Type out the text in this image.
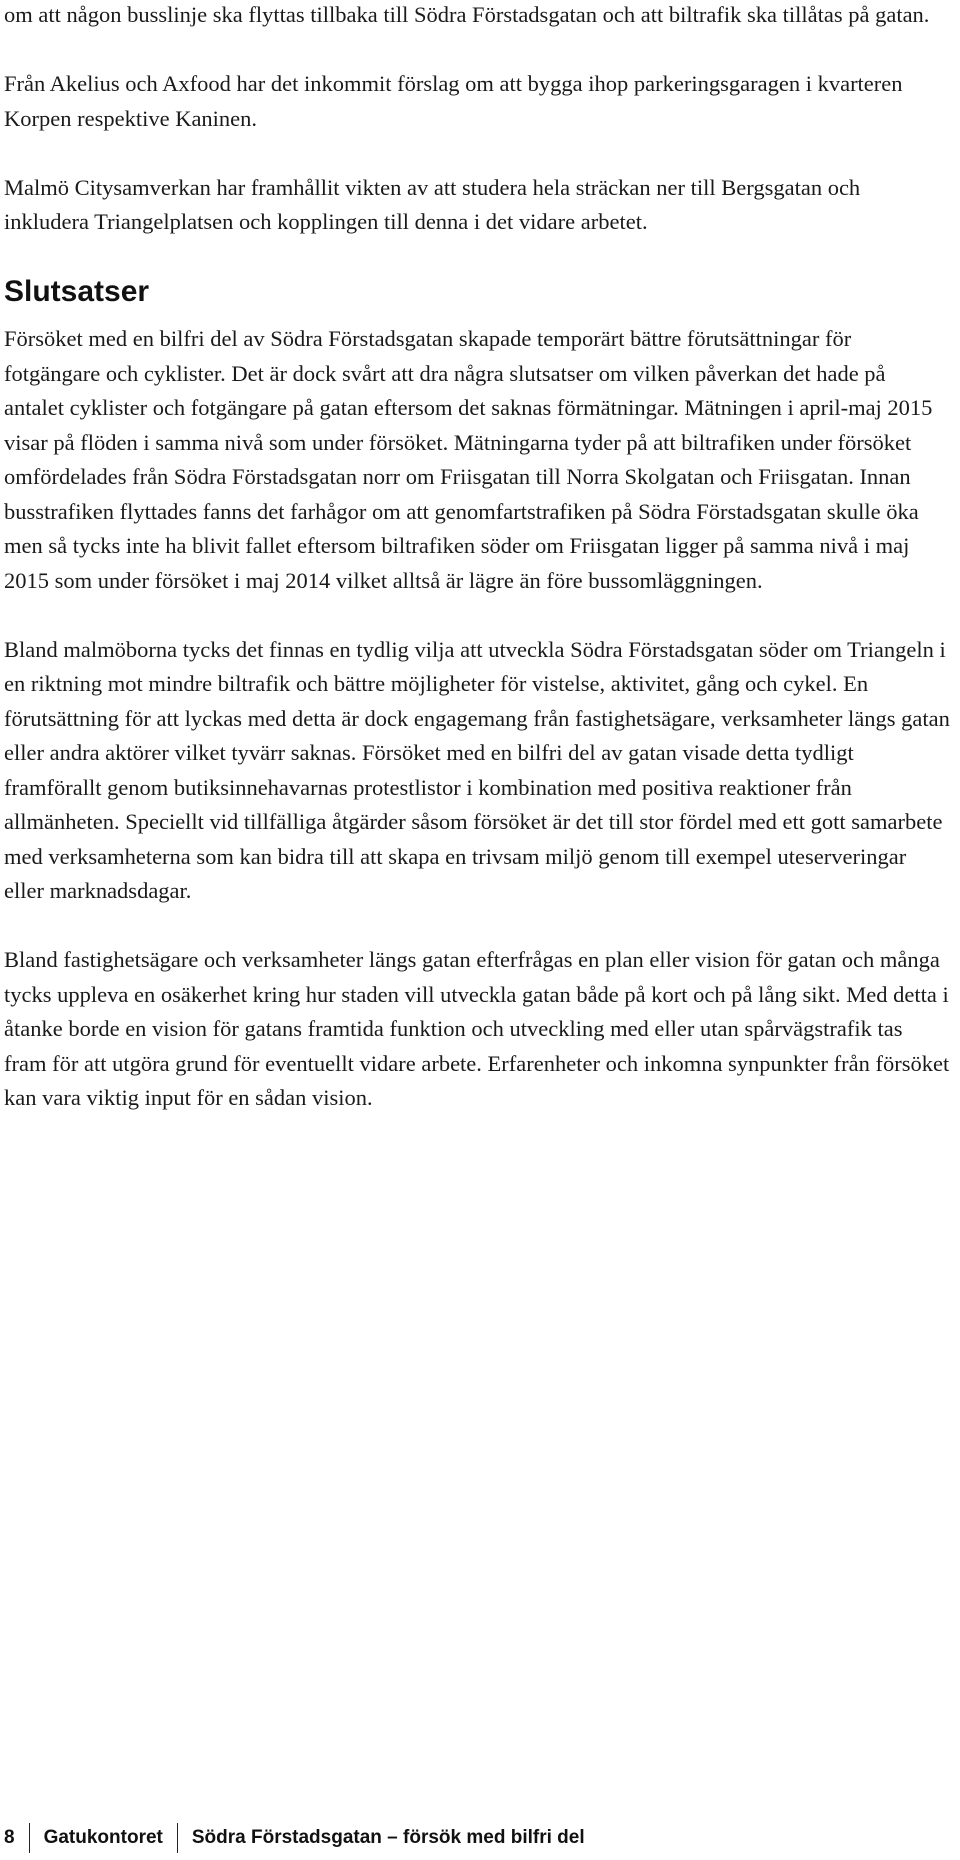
om att någon busslinje ska flyttas tillbaka till Södra Förstadsgatan och att biltrafik ska tillåtas på gatan.

Från Akelius och Axfood har det inkommit förslag om att bygga ihop parkeringsgaragen i kvarteren Korpen respektive Kaninen.

Malmö Citysamverkan har framhållit vikten av att studera hela sträckan ner till Bergsgatan och inkludera Triangelplatsen och kopplingen till denna i det vidare arbetet.

Slutsatser

Försöket med en bilfri del av Södra Förstadsgatan skapade temporärt bättre förutsättningar för fotgängare och cyklister. Det är dock svårt att dra några slutsatser om vilken påverkan det hade på antalet cyklister och fotgängare på gatan eftersom det saknas förmätningar. Mätningen i april-maj 2015 visar på flöden i samma nivå som under försöket. Mätningarna tyder på att biltrafiken under försöket omfördelades från Södra Förstadsgatan norr om Friisgatan till Norra Skolgatan och Friisgatan. Innan busstrafiken flyttades fanns det farhågor om att genomfartstrafiken på Södra Förstadsgatan skulle öka men så tycks inte ha blivit fallet eftersom biltrafiken söder om Friisgatan ligger på samma nivå i maj 2015 som under försöket i maj 2014 vilket alltså är lägre än före bussomläggningen.

Bland malmöborna tycks det finnas en tydlig vilja att utveckla Södra Förstadsgatan söder om Triangeln i en riktning mot mindre biltrafik och bättre möjligheter för vistelse, aktivitet, gång och cykel. En förutsättning för att lyckas med detta är dock engagemang från fastighetsägare, verksamheter längs gatan eller andra aktörer vilket tyvärr saknas. Försöket med en bilfri del av gatan visade detta tydligt framförallt genom butiksinnehavarnas protestlistor i kombination med positiva reaktioner från allmänheten. Speciellt vid tillfälliga åtgärder såsom försöket är det till stor fördel med ett gott samarbete med verksamheterna som kan bidra till att skapa en trivsam miljö genom till exempel uteserveringar eller marknadsdagar.

Bland fastighetsägare och verksamheter längs gatan efterfrågas en plan eller vision för gatan och många tycks uppleva en osäkerhet kring hur staden vill utveckla gatan både på kort och på lång sikt. Med detta i åtanke borde en vision för gatans framtida funktion och utveckling med eller utan spårvägstrafik tas fram för att utgöra grund för eventuellt vidare arbete. Erfarenheter och inkomna synpunkter från försöket kan vara viktig input för en sådan vision.

8 Gatukontoret Södra Förstadsgatan – försök med bilfri del
